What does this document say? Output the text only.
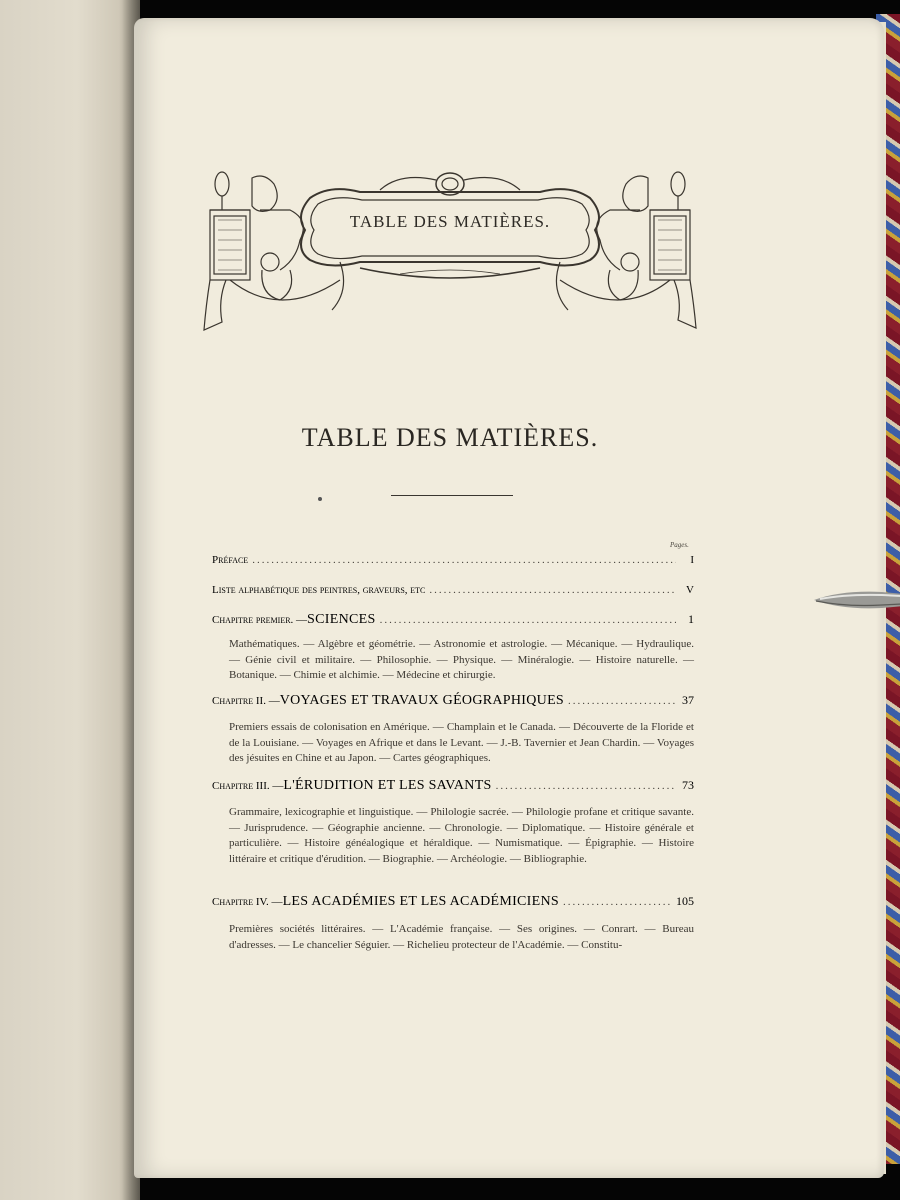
TABLE DES MATIÈRES.
TABLE DES MATIÈRES.
Pages.
Préface .....	I
Liste alphabétique des peintres, graveurs, etc .....	V
Chapitre premier. — SCIENCES .....	1

Mathématiques. — Algèbre et géométrie. — Astronomie et astrologie. — Mécanique. — Hydraulique. — Génie civil et militaire. — Philosophie. — Physique. — Minéralogie. — Histoire naturelle. — Botanique. — Chimie et alchimie. — Médecine et chirurgie.

Chapitre II. — VOYAGES ET TRAVAUX GÉOGRAPHIQUES .....	37

Premiers essais de colonisation en Amérique. — Champlain et le Canada. — Découverte de la Floride et de la Louisiane. — Voyages en Afrique et dans le Levant. — J.-B. Tavernier et Jean Chardin. — Voyages des jésuites en Chine et au Japon. — Cartes géographiques.

Chapitre III. — L'ÉRUDITION ET LES SAVANTS .....	73

Grammaire, lexicographie et linguistique. — Philologie sacrée. — Philologie profane et critique savante. — Jurisprudence. — Géographie ancienne. — Chronologie. — Diplomatique. — Histoire générale et particulière. — Histoire généalogique et héraldique. — Numismatique. — Épigraphie. — Histoire littéraire et critique d'érudition. — Biographie. — Archéologie. — Bibliographie.

Chapitre IV. — LES ACADÉMIES ET LES ACADÉMICIENS .....	105

Premières sociétés littéraires. — L'Académie française. — Ses origines. — Conrart. — Bureau d'adresses. — Le chancelier Séguier. — Richelieu protecteur de l'Académie. — Constitu-
